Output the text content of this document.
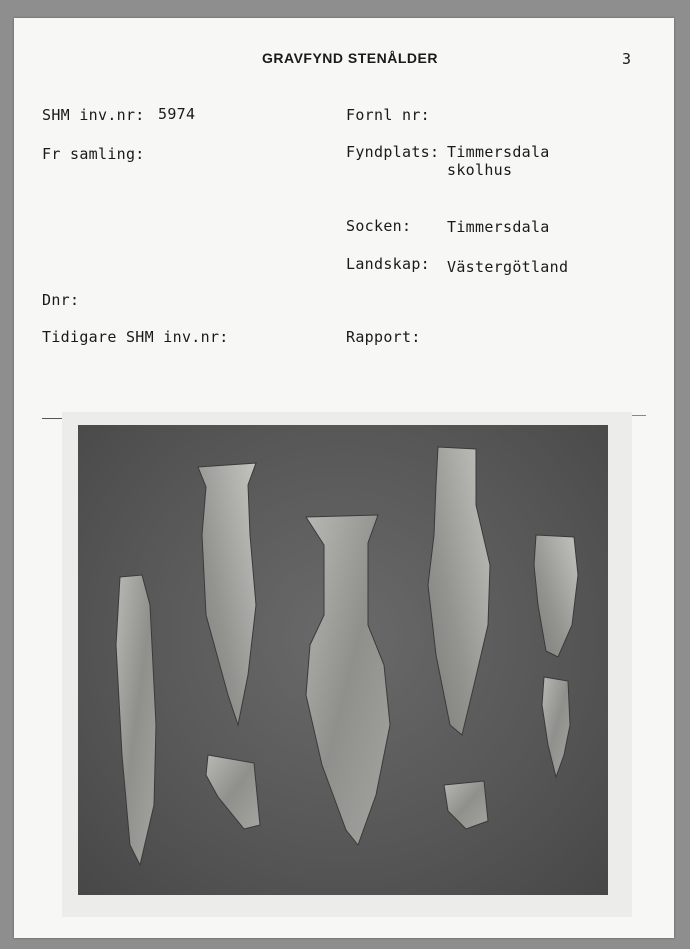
GRAVFYND STENÅLDER	3
SHM inv.nr: 5974
Fr samling:
Dnr:
Tidigare SHM inv.nr:
Fornl nr:
Fyndplats: Timmersdala
skolhus
Socken: Timmersdala
Landskap: Västergötland
Rapport:
